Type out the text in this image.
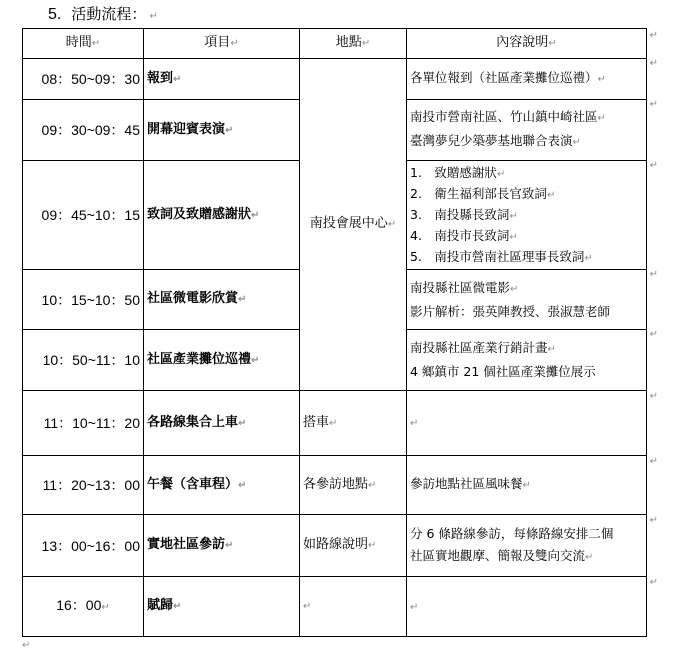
5. 活動流程： ↵
時間↵	項目↵	地點↵	內容說明↵
08：50~09：30	報到↵	南投會展中心↵	各單位報到（社區產業攤位巡禮）↵

09：30~09：45	開幕迎賓表演↵		南投市營南社區、竹山鎮中崎社區↵
臺灣夢兒少築夢基地聯合表演↵

09：45~10：15	致詞及致贈感謝狀↵		1.　致贈感謝狀↵
2.　衛生福利部長官致詞↵
3.　南投縣長致詞↵
4.　南投市長致詞↵
5.　南投市營南社區理事長致詞↵

10：15~10：50	社區微電影欣賞↵		南投縣社區微電影↵
影片解析：張英陣教授、張淑慧老師

10：50~11：10	社區產業攤位巡禮↵		南投縣社區產業行銷計畫↵
4 鄉鎮市 21 個社區產業攤位展示

11：10~11：20	各路線集合上車↵	搭車↵	↵
11：20~13：00	午餐（含車程）↵	各參訪地點↵	參訪地點社區風味餐↵
13：00~16：00	實地社區參訪↵	如路線說明↵	分 6 條路線參訪，每條路線安排二個
社區實地觀摩、簡報及雙向交流↵

16：00↵	賦歸↵	↵	↵
↵
↵
↵
↵
↵
↵
↵
↵
↵
↵
↵
